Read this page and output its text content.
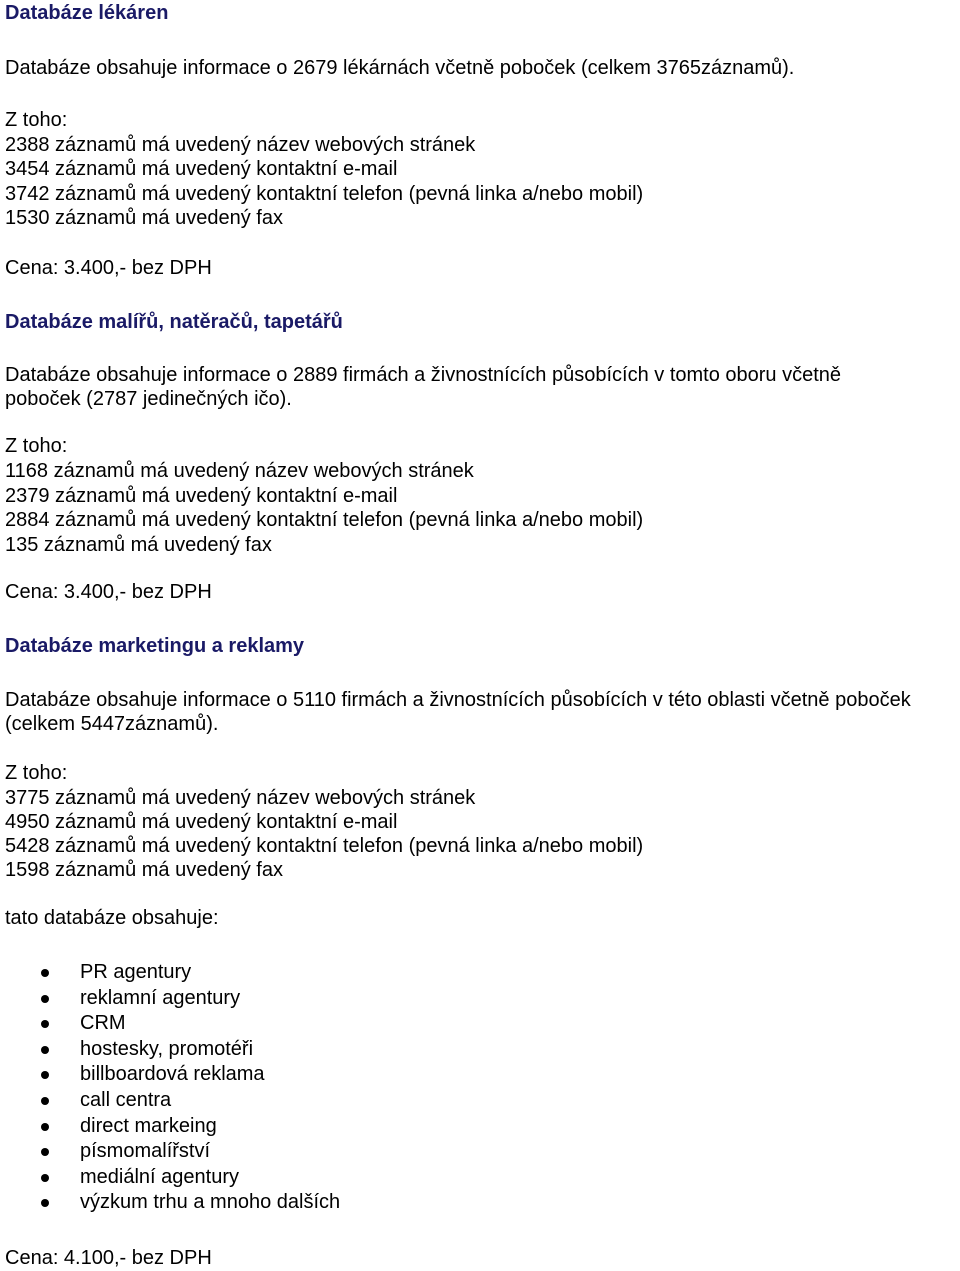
Databáze lékáren
Databáze obsahuje informace o 2679 lékárnách včetně poboček (celkem 3765záznamů).
Z toho:
2388 záznamů má uvedený název webových stránek
3454 záznamů má uvedený kontaktní e-mail
3742 záznamů má uvedený kontaktní telefon (pevná linka a/nebo mobil)
1530 záznamů má uvedený fax
Cena: 3.400,- bez DPH
Databáze malířů, natěračů, tapetářů
Databáze obsahuje informace o 2889 firmách a živnostnících působících v tomto oboru včetně
poboček (2787 jedinečných ičo).
Z toho:
1168 záznamů má uvedený název webových stránek
2379 záznamů má uvedený kontaktní e-mail
2884 záznamů má uvedený kontaktní telefon (pevná linka a/nebo mobil)
135 záznamů má uvedený fax
Cena: 3.400,- bez DPH
Databáze marketingu a reklamy
Databáze obsahuje informace o 5110 firmách a živnostnících působících v této oblasti včetně poboček
(celkem 5447záznamů).
Z toho:
3775 záznamů má uvedený název webových stránek
4950 záznamů má uvedený kontaktní e-mail
5428 záznamů má uvedený kontaktní telefon (pevná linka a/nebo mobil)
1598 záznamů má uvedený fax
tato databáze obsahuje:
PR agentury
reklamní agentury
CRM
hostesky, promotéři
billboardová reklama
call centra
direct markeing
písmomalířství
mediální agentury
výzkum trhu a mnoho dalších
Cena: 4.100,- bez DPH
